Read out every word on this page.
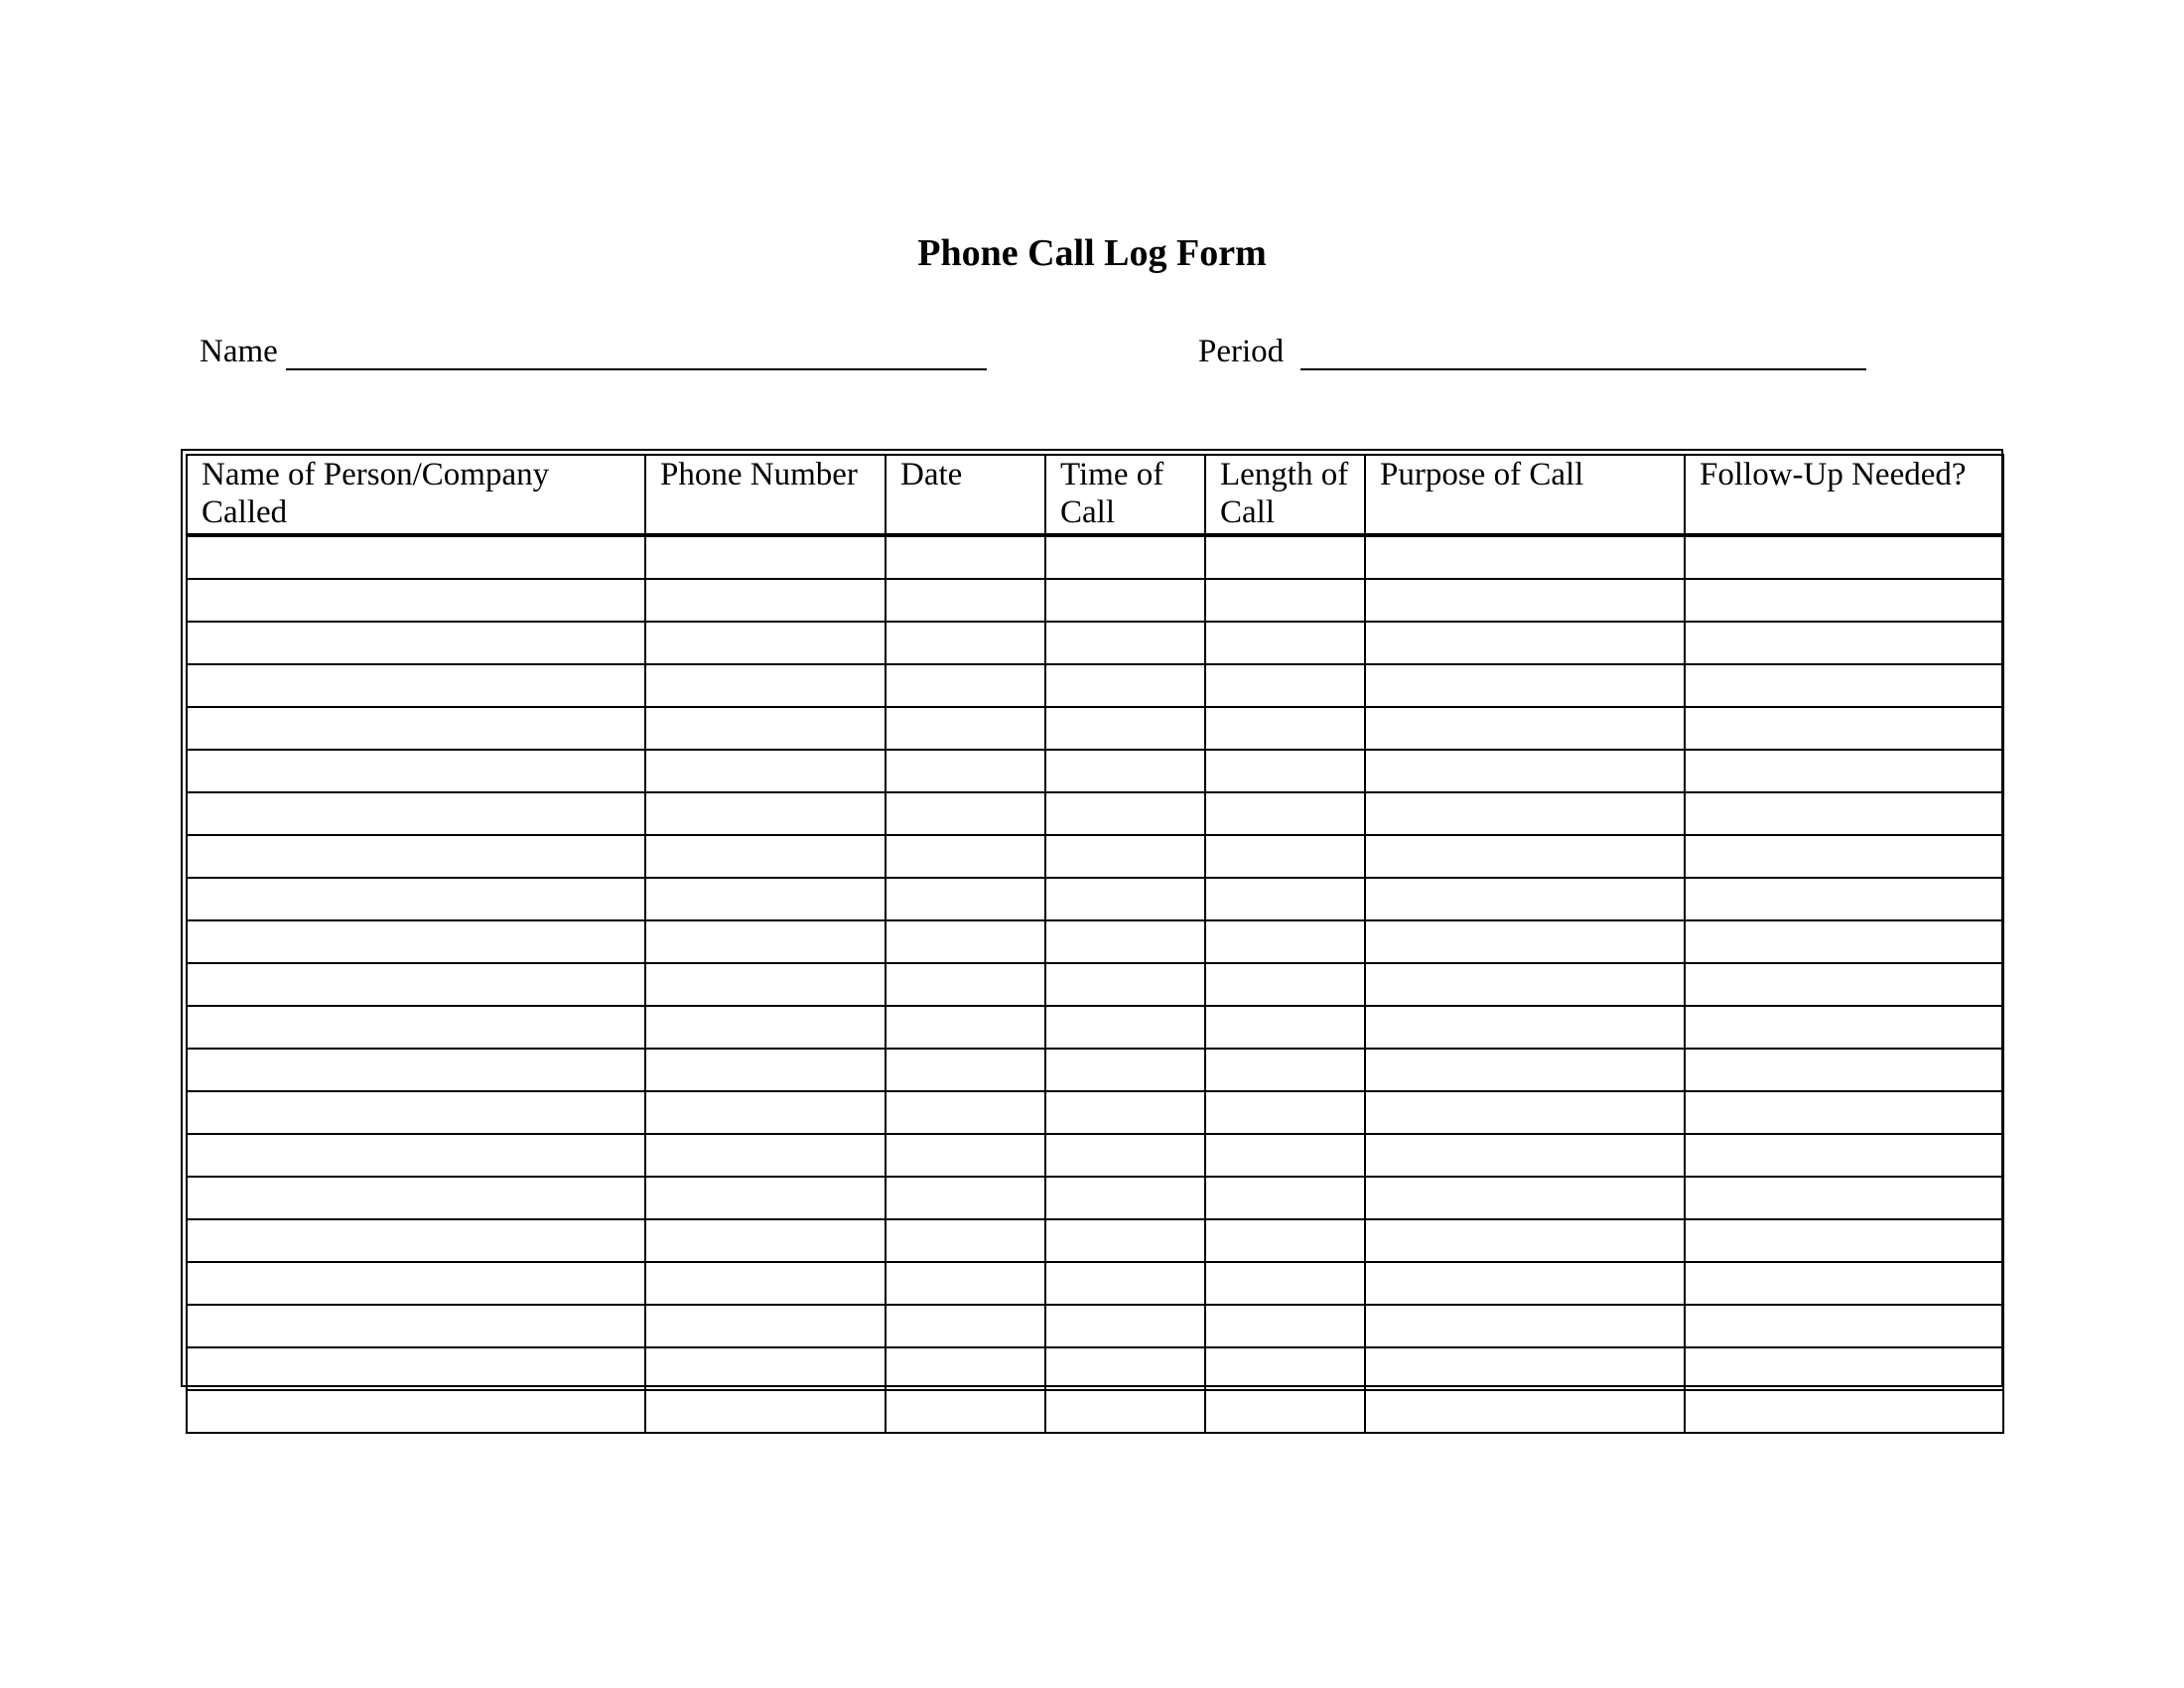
Phone Call Log Form
Name	Period
Name of Person/Company Called	Phone Number	Date	Time of Call	Length of Call	Purpose of Call	Follow-Up Needed?
